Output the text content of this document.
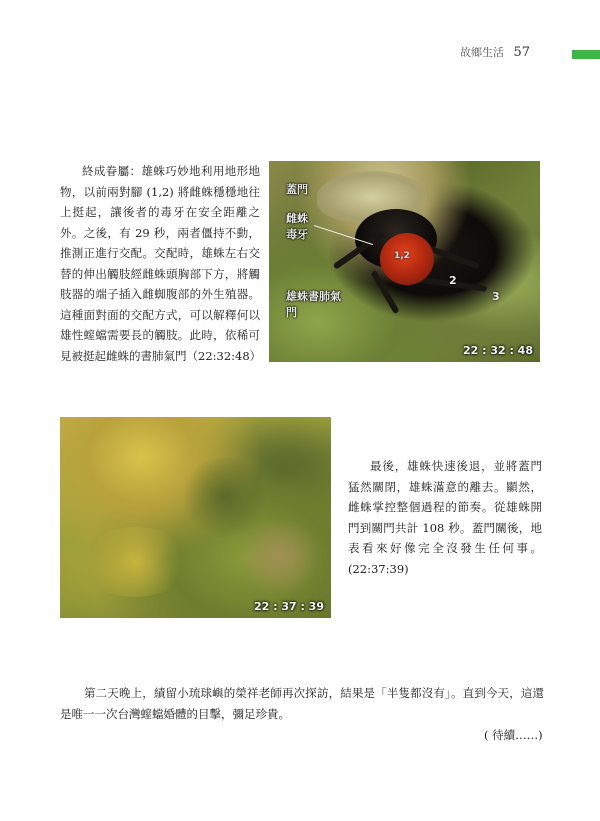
故鄉生活 57
終成眷屬：雄蛛巧妙地利用地形地物，以前兩對腳 (1,2) 將雌蛛穩穩地往上挺起，讓後者的毒牙在安全距離之外。之後，有 29 秒，兩者僵持不動，推測正進行交配。交配時，雄蛛左右交替的伸出觸肢經雌蛛頭胸部下方，將觸肢器的端子插入雌蜘腹部的外生殖器。這種面對面的交配方式，可以解釋何以雄性螲蟷需要長的觸肢。此時，依稀可見被挺起雌蛛的書肺氣門（22:32:48）
蓋門
雌蛛毒牙
雄蛛書肺氣門
1,2
2
3
22 : 32 : 48
22 : 37 : 39
最後，雄蛛快速後退，並將蓋門猛然關閉，雄蛛滿意的離去。顯然，雌蛛掌控整個過程的節奏。從雄蛛開門到關門共計 108 秒。蓋門關後，地表看來好像完全沒發生任何事。(22:37:39)
第二天晚上，績留小琉球嶼的榮祥老師再次探訪，結果是「半隻都沒有」。直到今天，這還是唯一一次台灣螲蟷婚體的目擊，彌足珍貴。
( 待續……)
